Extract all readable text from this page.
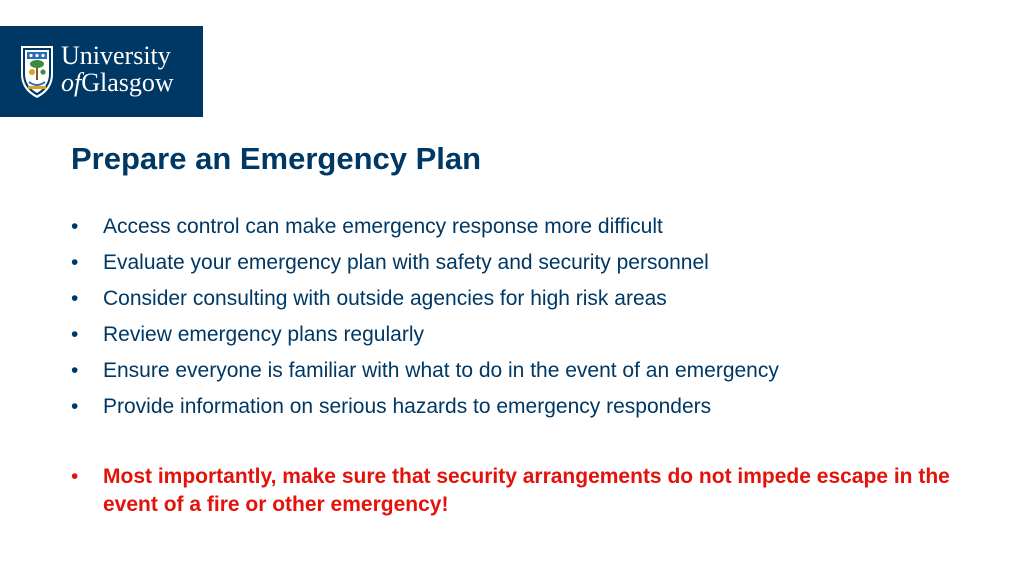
University
ofGlasgow
Prepare an Emergency Plan
• Access control can make emergency response more difficult
• Evaluate your emergency plan with safety and security personnel
• Consider consulting with outside agencies for high risk areas
• Review emergency plans regularly
• Ensure everyone is familiar with what to do in the event of an emergency
• Provide information on serious hazards to emergency responders
• Most importantly, make sure that security arrangements do not impede escape in the event of a fire or other emergency!
